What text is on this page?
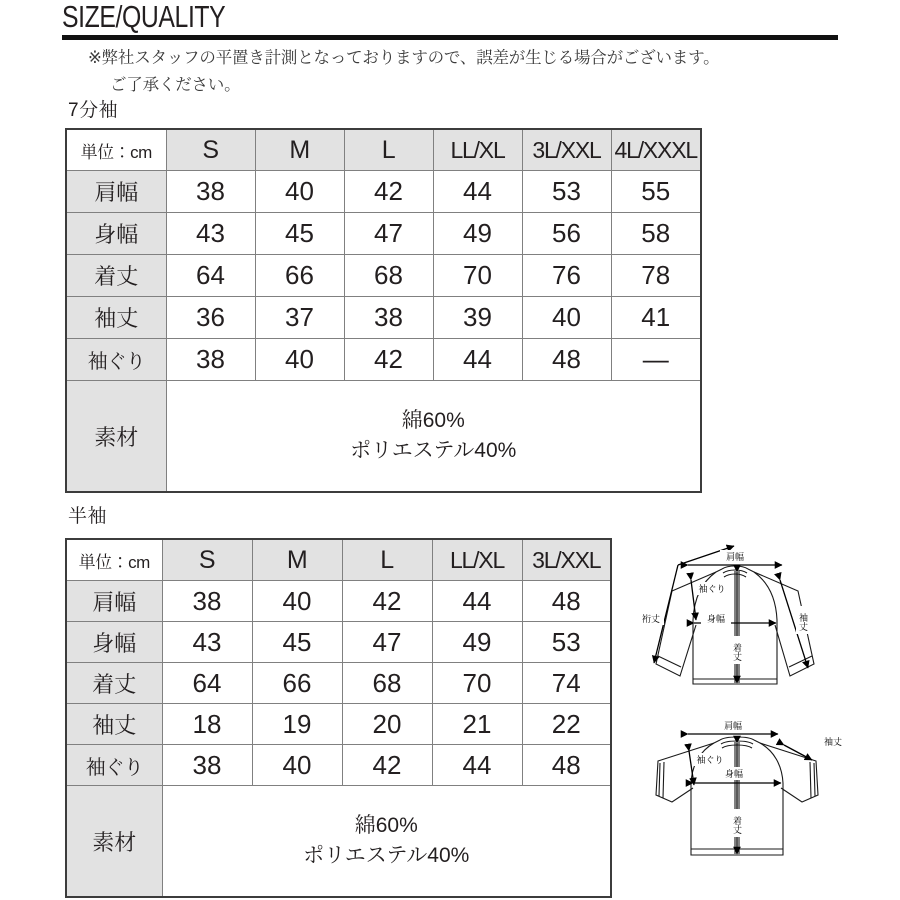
SIZE/QUALITY
※弊社スタッフの平置き計測となっておりますので、誤差が生じる場合がございます。
ご了承ください。
7分袖
単位：cm	S	M	L	LL/XL	3L/XXL	4L/XXXL
肩幅	38	40	42	44	53	55
身幅	43	45	47	49	56	58
着丈	64	66	68	70	76	78
袖丈	36	37	38	39	40	41
袖ぐり	38	40	42	44	48	—
素材	綿60%
ポリエステル40%					
半袖
単位：cm	S	M	L	LL/XL	3L/XXL
肩幅	38	40	42	44	48
身幅	43	45	47	49	53
着丈	64	66	68	70	74
袖丈	18	19	20	21	22
袖ぐり	38	40	42	44	48
素材	綿60%
ポリエステル40%				
肩幅
袖ぐり
裄丈	身幅
着丈
袖丈
肩幅
袖丈
袖ぐり
身幅
着丈
